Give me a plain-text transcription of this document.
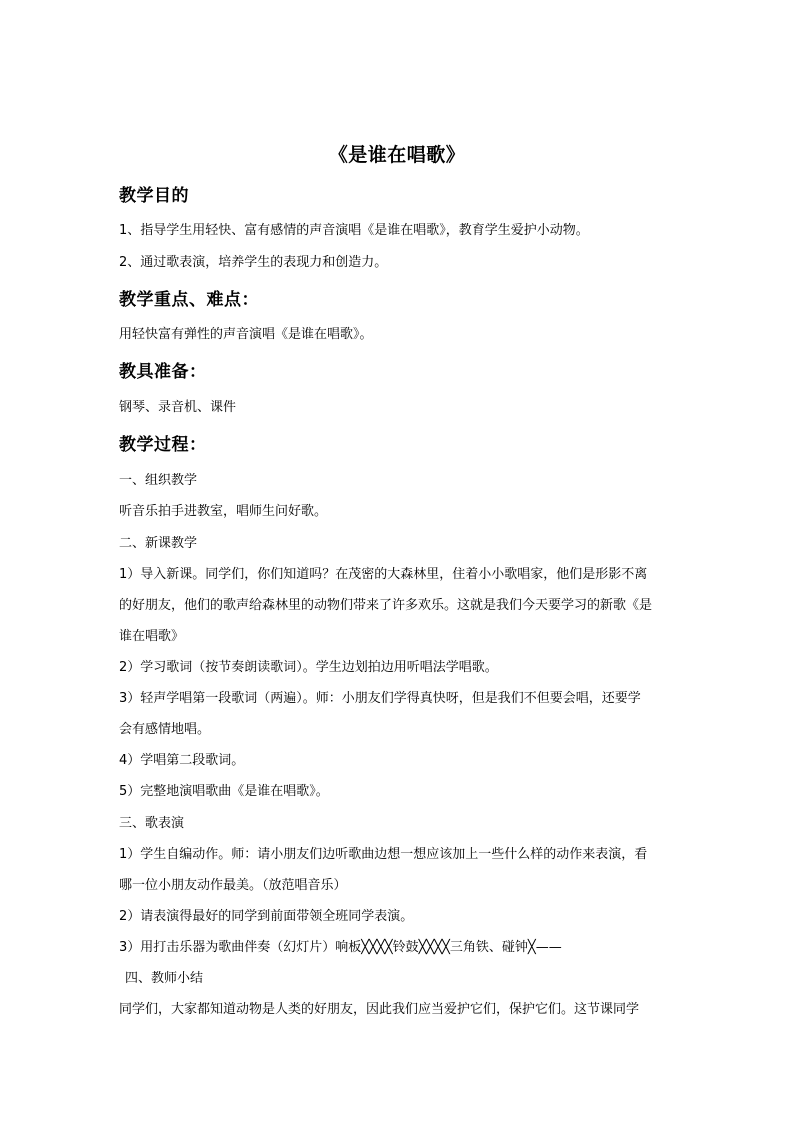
《是谁在唱歌》
教学目的
1、指导学生用轻快、富有感情的声音演唱《是谁在唱歌》，教育学生爱护小动物。
2、通过歌表演，培养学生的表现力和创造力。
教学重点、难点：
用轻快富有弹性的声音演唱《是谁在唱歌》。
教具准备：
钢琴、录音机、课件
教学过程：
一、组织教学
听音乐拍手进教室，唱师生问好歌。
二、新课教学
1）导入新课。同学们，你们知道吗？在茂密的大森林里，住着小小歌唱家，他们是形影不离
的好朋友，他们的歌声给森林里的动物们带来了许多欢乐。这就是我们今天要学习的新歌《是
谁在唱歌》
2）学习歌词（按节奏朗读歌词）。学生边划拍边用听唱法学唱歌。
3）轻声学唱第一段歌词（两遍）。师：小朋友们学得真快呀，但是我们不但要会唱，还要学
会有感情地唱。
4）学唱第二段歌词。
5）完整地演唱歌曲《是谁在唱歌》。
三、歌表演
1）学生自编动作。师：请小朋友们边听歌曲边想一想应该加上一些什么样的动作来表演，看
哪一位小朋友动作最美。（放范唱音乐）
2）请表演得最好的同学到前面带领全班同学表演。
3）用打击乐器为歌曲伴奏（幻灯片）响板╳╳╳╳铃鼓╳╳╳╳三角铁、碰钟╳——
四、教师小结
同学们，大家都知道动物是人类的好朋友，因此我们应当爱护它们，保护它们。这节课同学
